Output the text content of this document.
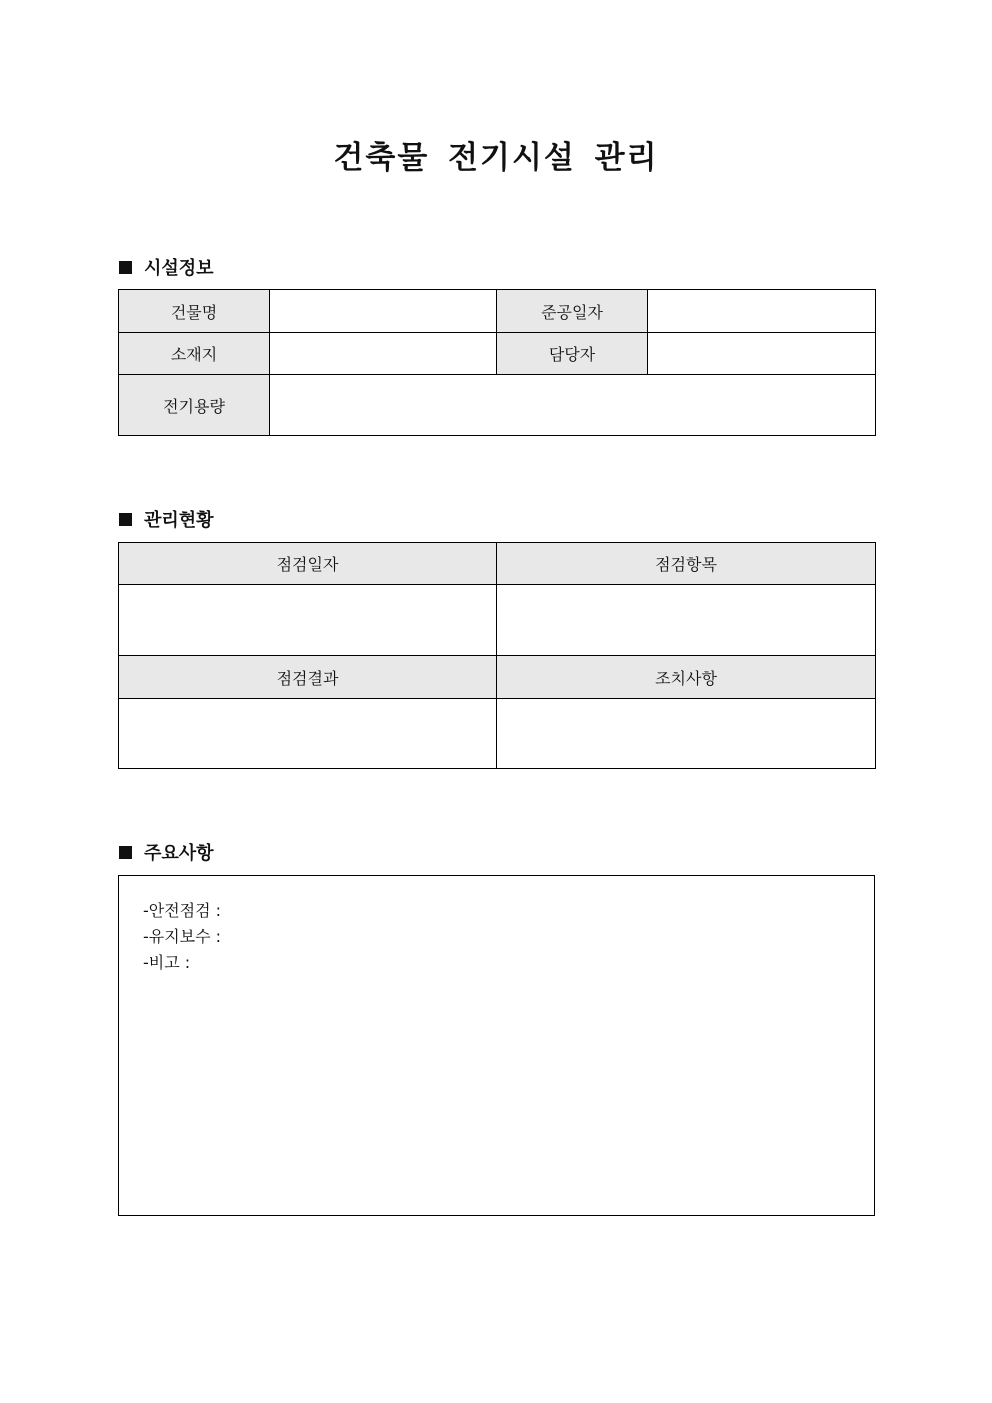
건축물 전기시설 관리
시설정보
건물명		준공일자	
소재지		담당자	
전기용량			
관리현황
점검일자	점검항목

점검결과	조치사항

주요사항
-안전점검 :
-유지보수 :
-비고 :
